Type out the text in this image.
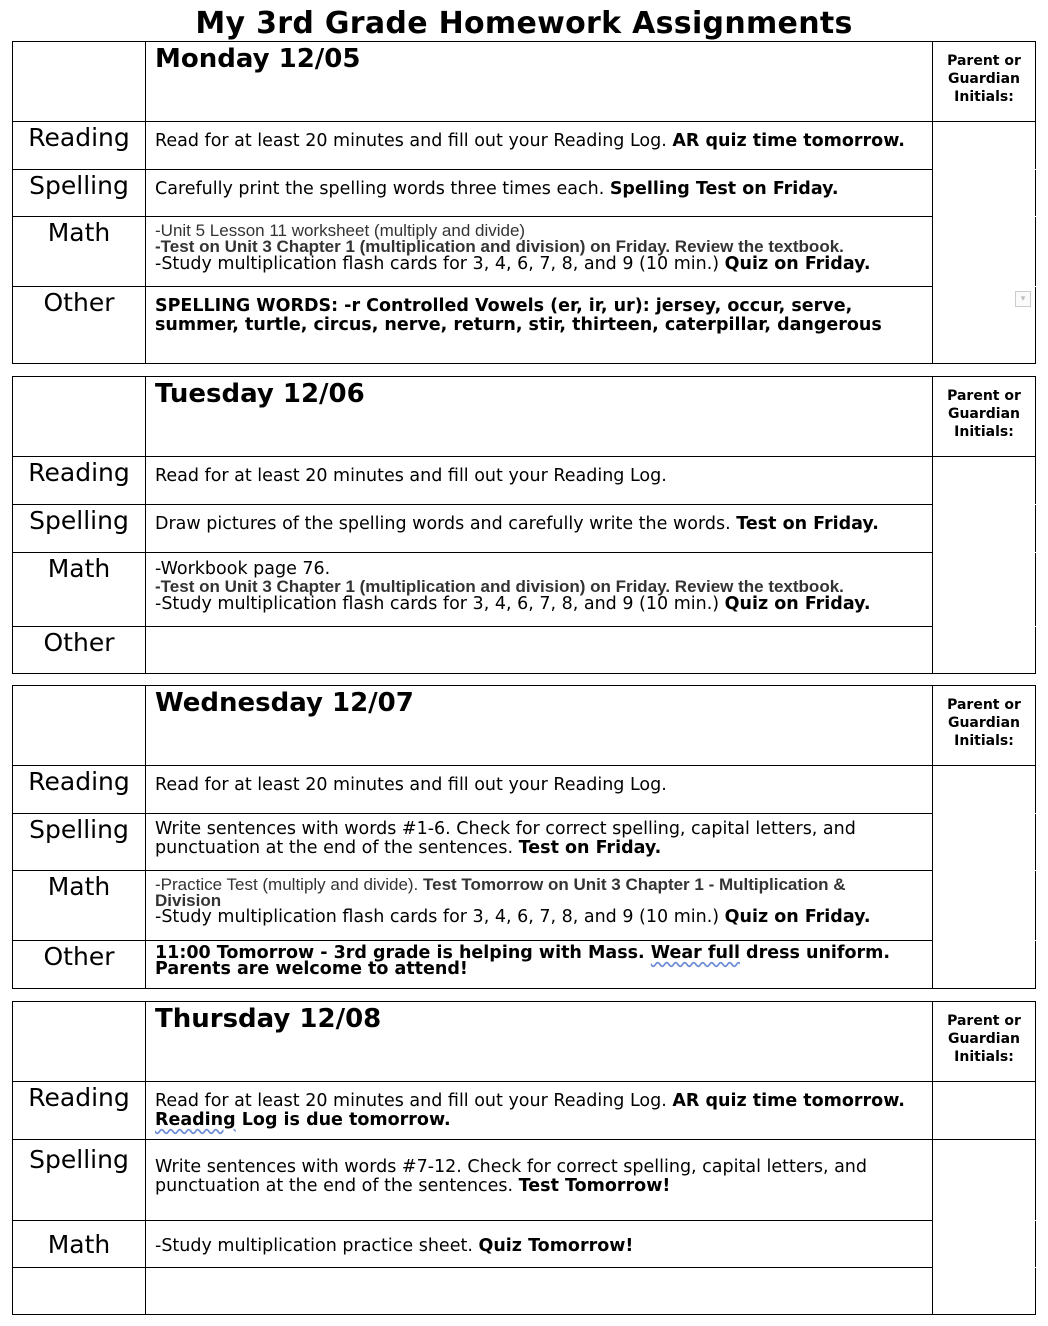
My 3rd Grade Homework Assignments
	Monday 12/05	Parent or Guardian Initials:
Reading	Read for at least 20 minutes and fill out your Reading Log. AR quiz time tomorrow.	
Spelling	Carefully print the spelling words three times each. Spelling Test on Friday.	
Math	-Unit 5 Lesson 11 worksheet (multiply and divide)
-Test on Unit 3 Chapter 1 (multiplication and division) on Friday. Review the textbook.
-Study multiplication flash cards for 3, 4, 6, 7, 8, and 9 (10 min.) Quiz on Friday.	

Other	SPELLING WORDS: -r Controlled Vowels (er, ir, ur): jersey, occur, serve,
summer, turtle, circus, nerve, return, stir, thirteen, caterpillar, dangerous	

▾
	Tuesday 12/06	Parent or Guardian Initials:
Reading	Read for at least 20 minutes and fill out your Reading Log.	
Spelling	Draw pictures of the spelling words and carefully write the words. Test on Friday.	
Math	-Workbook page 76.
-Test on Unit 3 Chapter 1 (multiplication and division) on Friday. Review the textbook.
-Study multiplication flash cards for 3, 4, 6, 7, 8, and 9 (10 min.) Quiz on Friday.	

Other		
	Wednesday 12/07	Parent or Guardian Initials:
Reading	Read for at least 20 minutes and fill out your Reading Log.	
Spelling	Write sentences with words #1-6. Check for correct spelling, capital letters, and
punctuation at the end of the sentences. Test on Friday.	

Math	-Practice Test (multiply and divide). Test Tomorrow on Unit 3 Chapter 1 - Multiplication &
Division
-Study multiplication flash cards for 3, 4, 6, 7, 8, and 9 (10 min.) Quiz on Friday.	

Other	11:00 Tomorrow - 3rd grade is helping with Mass. Wear full dress uniform.
Parents are welcome to attend!	

	Thursday 12/08	Parent or Guardian Initials:
Reading	Read for at least 20 minutes and fill out your Reading Log. AR quiz time tomorrow.
Reading Log is due tomorrow.	

Spelling	Write sentences with words #7-12. Check for correct spelling, capital letters, and
punctuation at the end of the sentences. Test Tomorrow!	

Math	-Study multiplication practice sheet. Quiz Tomorrow!	
